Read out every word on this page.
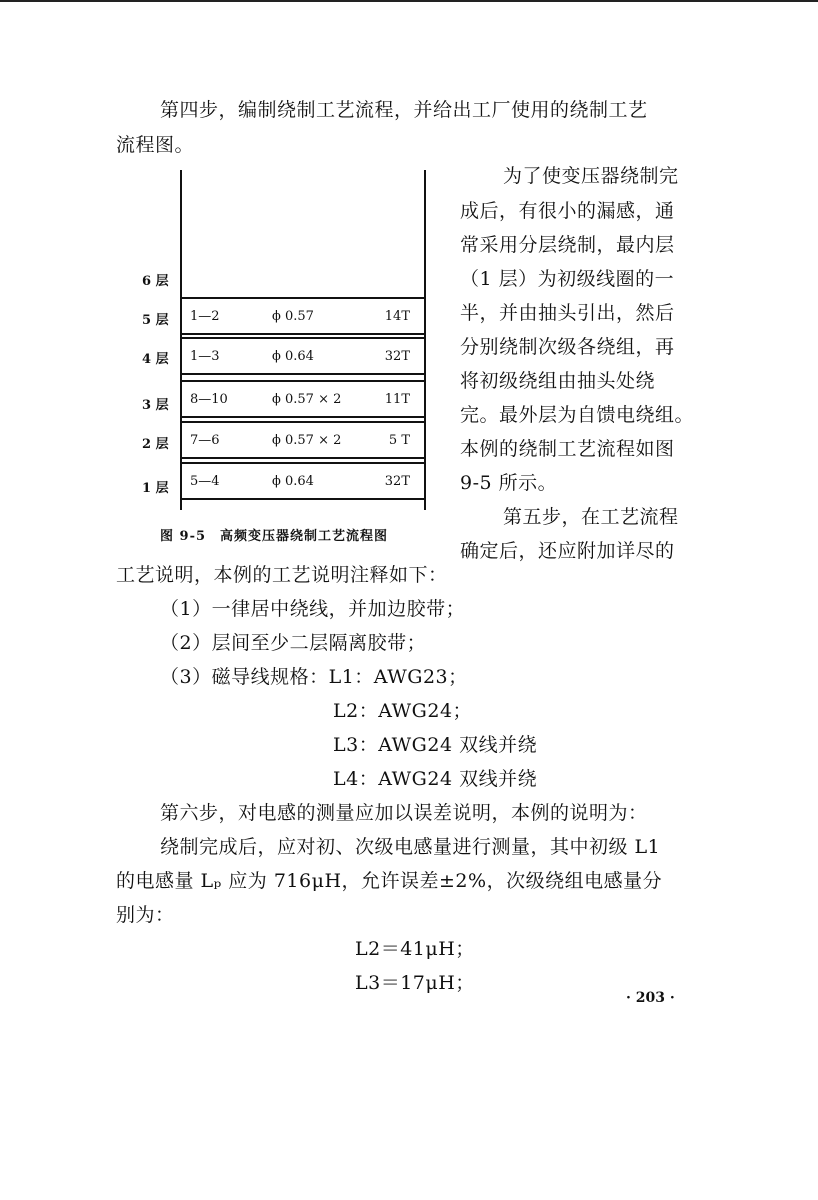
第四步，编制绕制工艺流程，并给出工厂使用的绕制工艺
流程图。
为了使变压器绕制完
成后，有很小的漏感，通
常采用分层绕制，最内层
（1 层）为初级线圈的一
半，并由抽头引出，然后
分别绕制次级各绕组，再
将初级绕组由抽头处绕
完。最外层为自馈电绕组。
本例的绕制工艺流程如图
9-5 所示。
第五步，在工艺流程
确定后，还应附加详尽的
6 层
5 层 1—2	ϕ 0.57	14T
4 层 1—3	ϕ 0.64	32T
3 层 8—10	ϕ 0.57 × 2	11T
2 层 7—6	ϕ 0.57 × 2	5 T
1 层 5—4	ϕ 0.64	32T
图 9-5　高频变压器绕制工艺流程图
工艺说明，本例的工艺说明注释如下：
（1）一律居中绕线，并加边胶带；
（2）层间至少二层隔离胶带；
（3）磁导线规格：L1：AWG23；
L2：AWG24；
L3：AWG24 双线并绕
L4：AWG24 双线并绕
第六步，对电感的测量应加以误差说明，本例的说明为：
绕制完成后，应对初、次级电感量进行测量，其中初级 L1
的电感量 Lₚ 应为 716μH，允许误差±2%，次级绕组电感量分
别为：
L2＝41μH；
L3＝17μH；
· 203 ·
